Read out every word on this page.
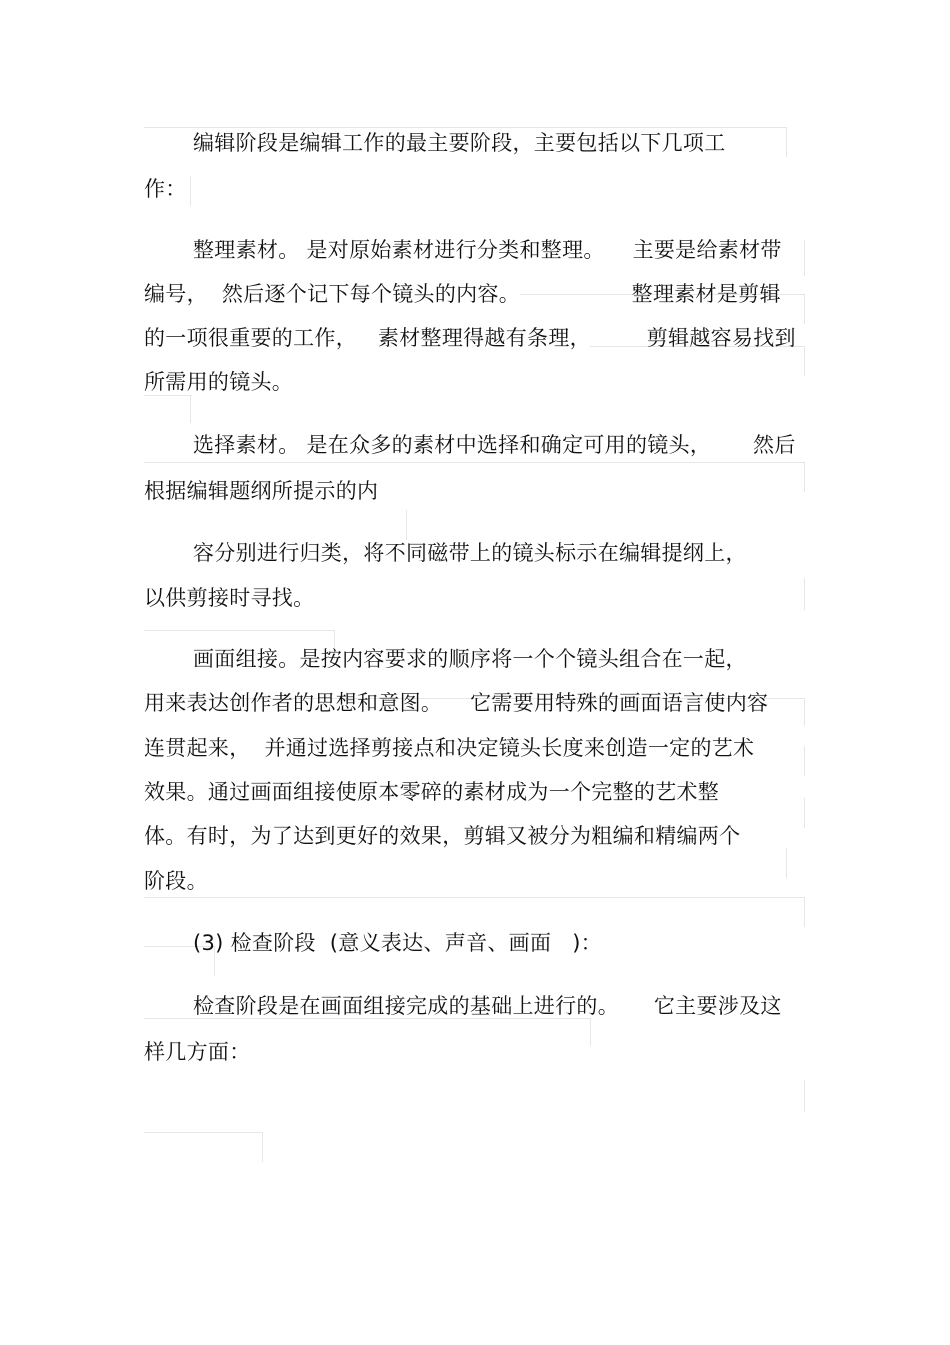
编辑阶段是编辑工作的最主要阶段，主要包括以下几项工

作：

整理素材。 是对原始素材进行分类和整理。    主要是给素材带

编号，  然后逐个记下每个镜头的内容。                整理素材是剪辑

的一项很重要的工作，   素材整理得越有条理，        剪辑越容易找到

所需用的镜头。

选择素材。 是在众多的素材中选择和确定可用的镜头，      然后

根据编辑题纲所提示的内

容分别进行归类，将不同磁带上的镜头标示在编辑提纲上，

以供剪接时寻找。

画面组接。是按内容要求的顺序将一个个镜头组合在一起，

用来表达创作者的思想和意图。    它需要用特殊的画面语言使内容

连贯起来，  并通过选择剪接点和决定镜头长度来创造一定的艺术

效果。通过画面组接使原本零碎的素材成为一个完整的艺术整

体。有时，为了达到更好的效果，剪辑又被分为粗编和精编两个

阶段。

(3) 检查阶段  (意义表达、声音、画面   )：

检查阶段是在画面组接完成的基础上进行的。     它主要涉及这

样几方面：
